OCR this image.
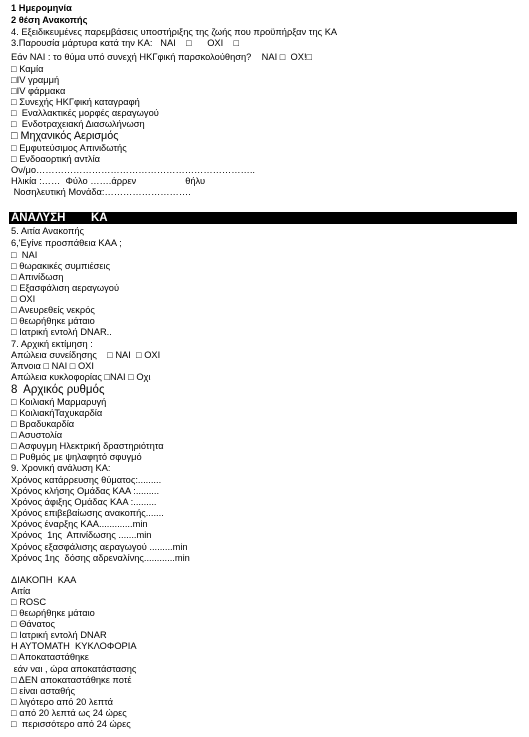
1 Ημερομηνία
2 θέση Ανακοπής
4. Εξειδικευμένες παρεμβάσεις υποστήριξης της ζωής που προϋπήρξαν της ΚΑ
3.Παρουσία μάρτυρα κατά την ΚΑ:   ΝΑΙ    □      ΟΧΙ    □
Εάν ΝΑΙ : το θύμα υπό συνεχή ΗΚΓφική παρσκολούθηση?    ΝΑΙ □  ΟΧ!□
□ Καμία
□IV γραμμή
□IV φάρμακα
□ Συνεχής ΗΚΓφική καταγραφή
□  Εναλλακτικές μορφές αεραγωγού
□  Ενδοτραχειακή Διασωλήνωση
□ Μηχανικός Αερισμός
□ Εμφυτεύσιμος Απινιδωτής
□ Ενδοαορτική αντλία
Ον/μο……………………………………………………………..
Ηλικία :……  Φύλο …….άρρεν                   θήλυ
Νοσηλευτική Μονάδα:……………………….
ΑΝΑΛΥΣΗ        ΚΑ
5. Αιτία Ανακοπής
6,'Εγίνε προσπάθεια ΚΑΑ ;
□  ΝΑΙ
□ θωρακικές συμπιέσεις
□ Απινίδωση
□ Εξασφάλιση αεραγωγού
□ ΟΧΙ
□ Ανευρεθείς νεκρός
□ θεωρήθηκε μάταιο
□ Ιατρική εντολή DNAR..
7. Αρχική εκτίμηση :
Απώλεια συνείδησης    □ ΝΑΙ  □ ΟΧΙ
Άπνοια □ ΝΑΙ □ ΟΧΙ
Απώλεια κυκλοφορίας □ΝΑΙ □ Οχι
8  Αρχικός ρυθμός
□ Κοιλιακή Μαρμαρυγή
□ ΚοιλιακήΤαχυκαρδία
□ Βραδυκαρδία
□ Ασυστολία
□ Ασφυγμη Ηλεκτρική δραστηριότητα
□ Ρυθμός με ψηλαφητό σφυγμό
9. Χρονική ανάλυση ΚΑ:
Χρόνος κατάρρευσης θύματος:.........
Χρόνος κλήσης Ομάδας ΚΑΑ :.........
Χρόνος άφιξης Ομάδας ΚΑΑ :.........
Χρόνος επιβεβαίωσης ανακοπής.......
Χρόνος έναρξης ΚΑΑ.............min
Χρόνος  1ης  Απινίδωσης .......min
Χρόνος εξασφάλισης αεραγωγού .........min
Χρόνος 1ης  δόσης αδρεναλίνης............min
ΔΙΑΚΟΠΗ  ΚΑΑ
Αιτία
□ ROSC
□ θεωρήθηκε μάταιο
□ Θάνατος
□ Ιατρική εντολή DNAR
Η ΑΥΤΟΜΑΤΗ  ΚΥΚΛΟΦΟΡΙΑ
□ Αποκαταστάθηκε
εάν ναι , ώρα αποκατάστασης
□ ΔΕΝ αποκαταστάθηκε ποτέ
□ είναι ασταθής
□ λιγότερο από 20 λεπτά
□ από 20 λεπτά ως 24 ώρες
□  περισσότερο από 24 ώρες
